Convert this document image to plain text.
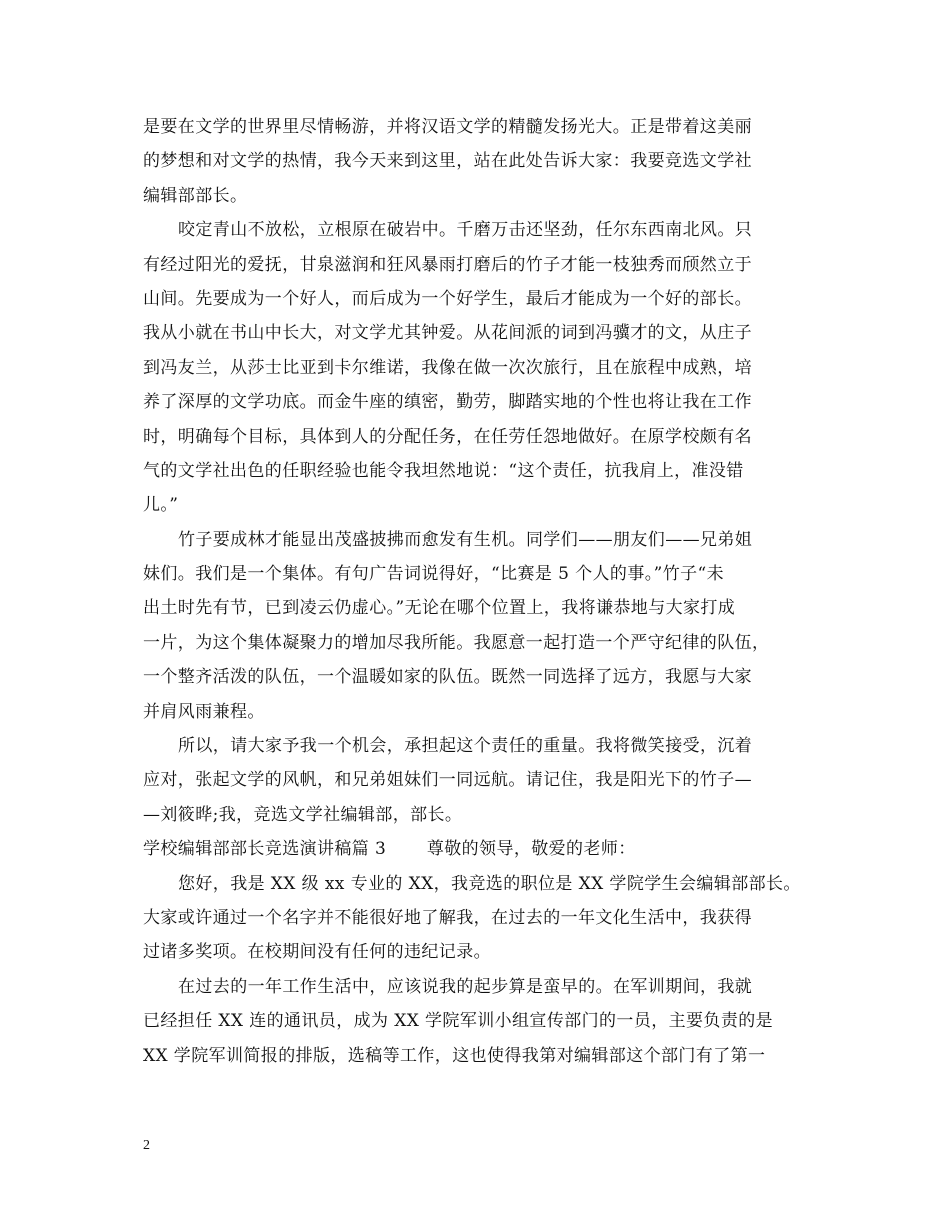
是要在文学的世界里尽情畅游，并将汉语文学的精髓发扬光大。正是带着这美丽
的梦想和对文学的热情，我今天来到这里，站在此处告诉大家：我要竞选文学社
编辑部部长。
咬定青山不放松，立根原在破岩中。千磨万击还坚劲，任尔东西南北风。只
有经过阳光的爱抚，甘泉滋润和狂风暴雨打磨后的竹子才能一枝独秀而颀然立于
山间。先要成为一个好人，而后成为一个好学生，最后才能成为一个好的部长。
我从小就在书山中长大，对文学尤其钟爱。从花间派的词到冯骥才的文，从庄子
到冯友兰，从莎士比亚到卡尔维诺，我像在做一次次旅行，且在旅程中成熟，培
养了深厚的文学功底。而金牛座的缜密，勤劳，脚踏实地的个性也将让我在工作
时，明确每个目标，具体到人的分配任务，在任劳任怨地做好。在原学校颇有名
气的文学社出色的任职经验也能令我坦然地说：“这个责任，抗我肩上，准没错
儿。”
竹子要成林才能显出茂盛披拂而愈发有生机。同学们——朋友们——兄弟姐
妹们。我们是一个集体。有句广告词说得好，“比赛是 5 个人的事。”竹子“未
出土时先有节，已到凌云仍虚心。”无论在哪个位置上，我将谦恭地与大家打成
一片，为这个集体凝聚力的增加尽我所能。我愿意一起打造一个严守纪律的队伍，
一个整齐活泼的队伍，一个温暖如家的队伍。既然一同选择了远方，我愿与大家
并肩风雨兼程。
所以，请大家予我一个机会，承担起这个责任的重量。我将微笑接受，沉着
应对，张起文学的风帆，和兄弟姐妹们一同远航。请记住，我是阳光下的竹子—
—刘筱晔;我，竞选文学社编辑部，部长。
学校编辑部部长竞选演讲稿篇 3       尊敬的领导，敬爱的老师：
您好，我是 XX 级 xx 专业的 XX，我竞选的职位是 XX 学院学生会编辑部部长。
大家或许通过一个名字并不能很好地了解我，在过去的一年文化生活中，我获得
过诸多奖项。在校期间没有任何的违纪记录。
在过去的一年工作生活中，应该说我的起步算是蛮早的。在军训期间，我就
已经担任 XX 连的通讯员，成为 XX 学院军训小组宣传部门的一员，主要负责的是
XX 学院军训简报的排版，选稿等工作，这也使得我第对编辑部这个部门有了第一
2
